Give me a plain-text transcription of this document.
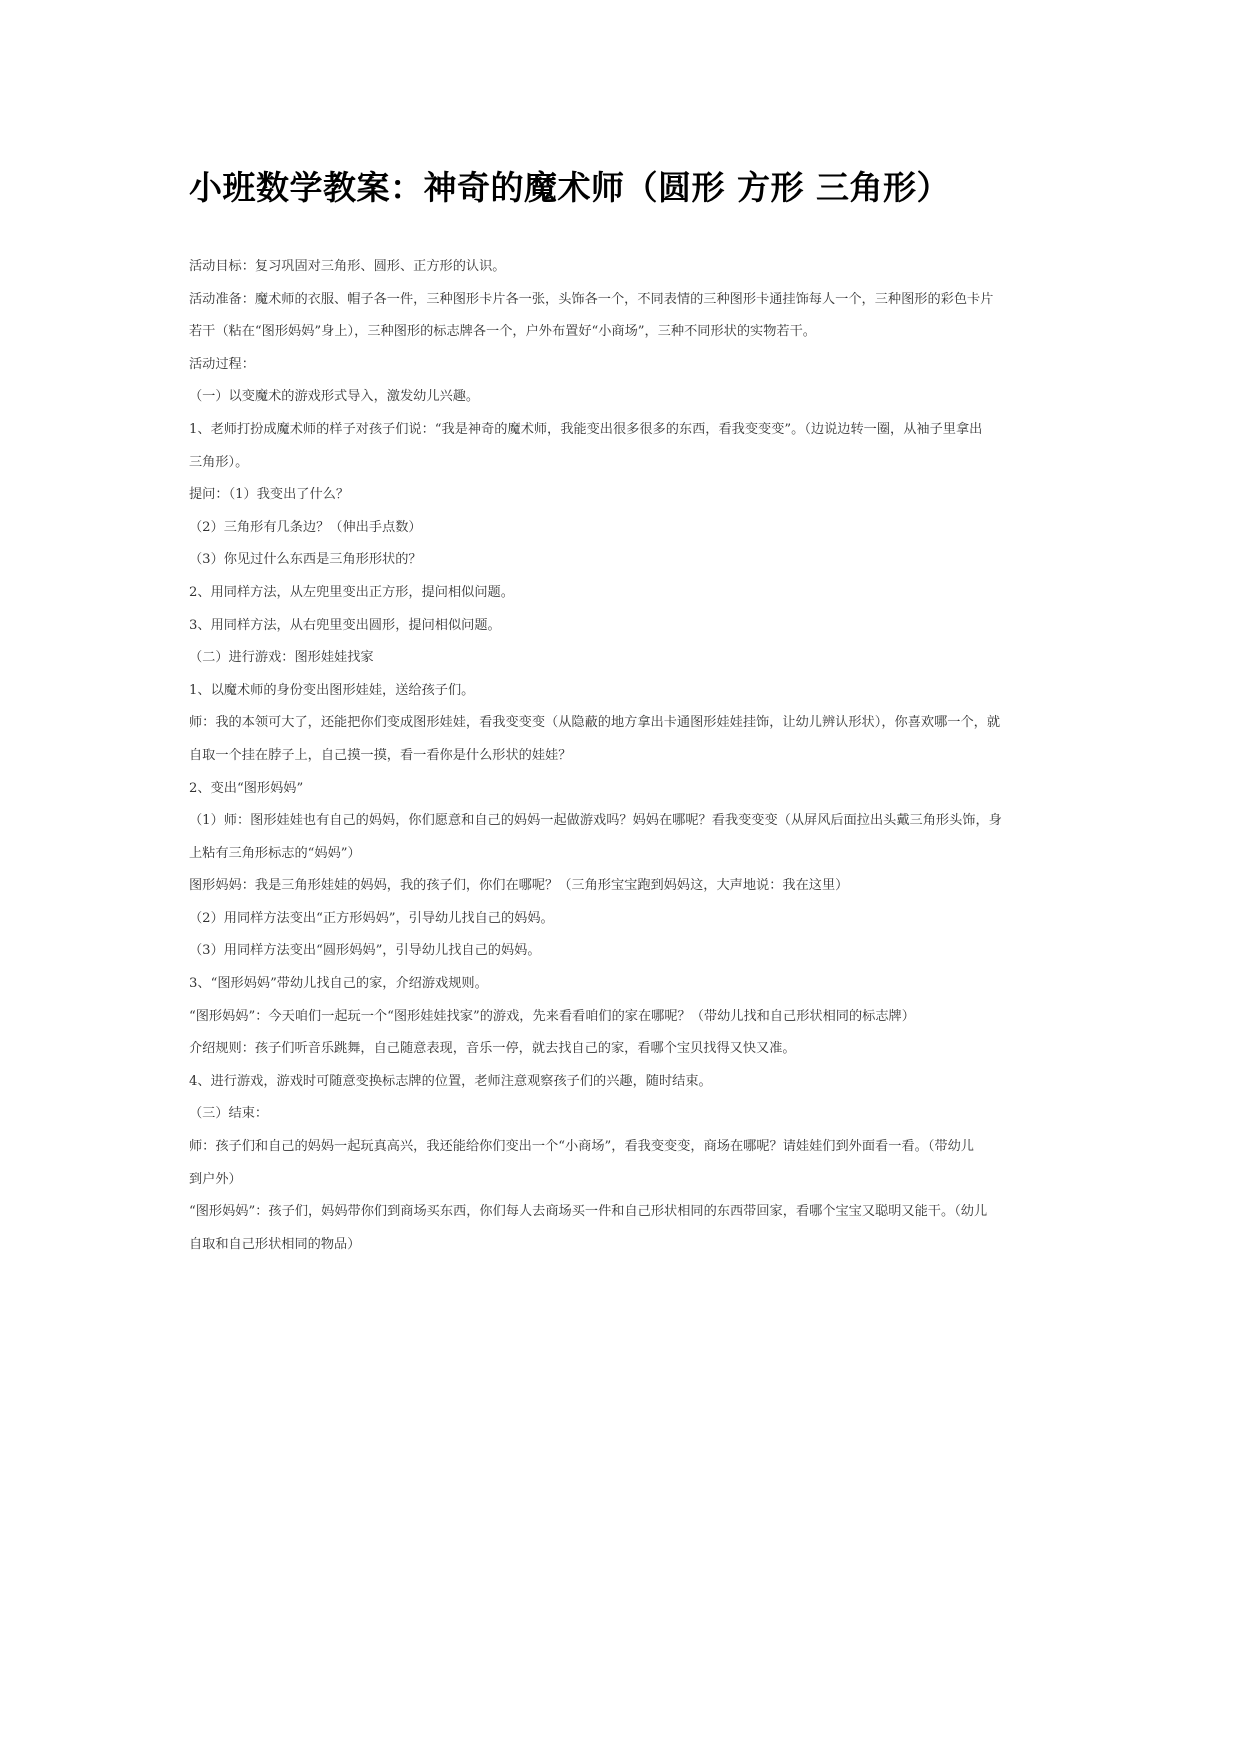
小班数学教案：神奇的魔术师（圆形 方形 三角形）

活动目标：复习巩固对三角形、圆形、正方形的认识。

活动准备：魔术师的衣服、帽子各一件，三种图形卡片各一张，头饰各一个，不同表情的三种图形卡通挂饰每人一个，三种图形的彩色卡片

若干（粘在“图形妈妈”身上），三种图形的标志牌各一个，户外布置好“小商场”，三种不同形状的实物若干。

活动过程：

（一）以变魔术的游戏形式导入，激发幼儿兴趣。

1、老师打扮成魔术师的样子对孩子们说：“我是神奇的魔术师，我能变出很多很多的东西，看我变变变”。（边说边转一圈，从袖子里拿出

三角形）。

提问：（1）我变出了什么？

（2）三角形有几条边？（伸出手点数）

（3）你见过什么东西是三角形形状的？

2、用同样方法，从左兜里变出正方形，提问相似问题。

3、用同样方法，从右兜里变出圆形，提问相似问题。

（二）进行游戏：图形娃娃找家

1、以魔术师的身份变出图形娃娃，送给孩子们。

师：我的本领可大了，还能把你们变成图形娃娃，看我变变变（从隐蔽的地方拿出卡通图形娃娃挂饰，让幼儿辨认形状），你喜欢哪一个，就

自取一个挂在脖子上，自己摸一摸，看一看你是什么形状的娃娃？

2、变出“图形妈妈”

（1）师：图形娃娃也有自己的妈妈，你们愿意和自己的妈妈一起做游戏吗？妈妈在哪呢？看我变变变（从屏风后面拉出头戴三角形头饰，身

上粘有三角形标志的“妈妈”）

图形妈妈：我是三角形娃娃的妈妈，我的孩子们，你们在哪呢？（三角形宝宝跑到妈妈这，大声地说：我在这里）

（2）用同样方法变出“正方形妈妈”，引导幼儿找自己的妈妈。

（3）用同样方法变出“圆形妈妈”，引导幼儿找自己的妈妈。

3、“图形妈妈”带幼儿找自己的家，介绍游戏规则。

“图形妈妈”：今天咱们一起玩一个“图形娃娃找家”的游戏，先来看看咱们的家在哪呢？（带幼儿找和自己形状相同的标志牌）

介绍规则：孩子们听音乐跳舞，自己随意表现，音乐一停，就去找自己的家，看哪个宝贝找得又快又准。

4、进行游戏，游戏时可随意变换标志牌的位置，老师注意观察孩子们的兴趣，随时结束。

（三）结束：

师：孩子们和自己的妈妈一起玩真高兴，我还能给你们变出一个“小商场”，看我变变变，商场在哪呢？请娃娃们到外面看一看。（带幼儿

到户外）

“图形妈妈”：孩子们，妈妈带你们到商场买东西，你们每人去商场买一件和自己形状相同的东西带回家，看哪个宝宝又聪明又能干。（幼儿

自取和自己形状相同的物品）
